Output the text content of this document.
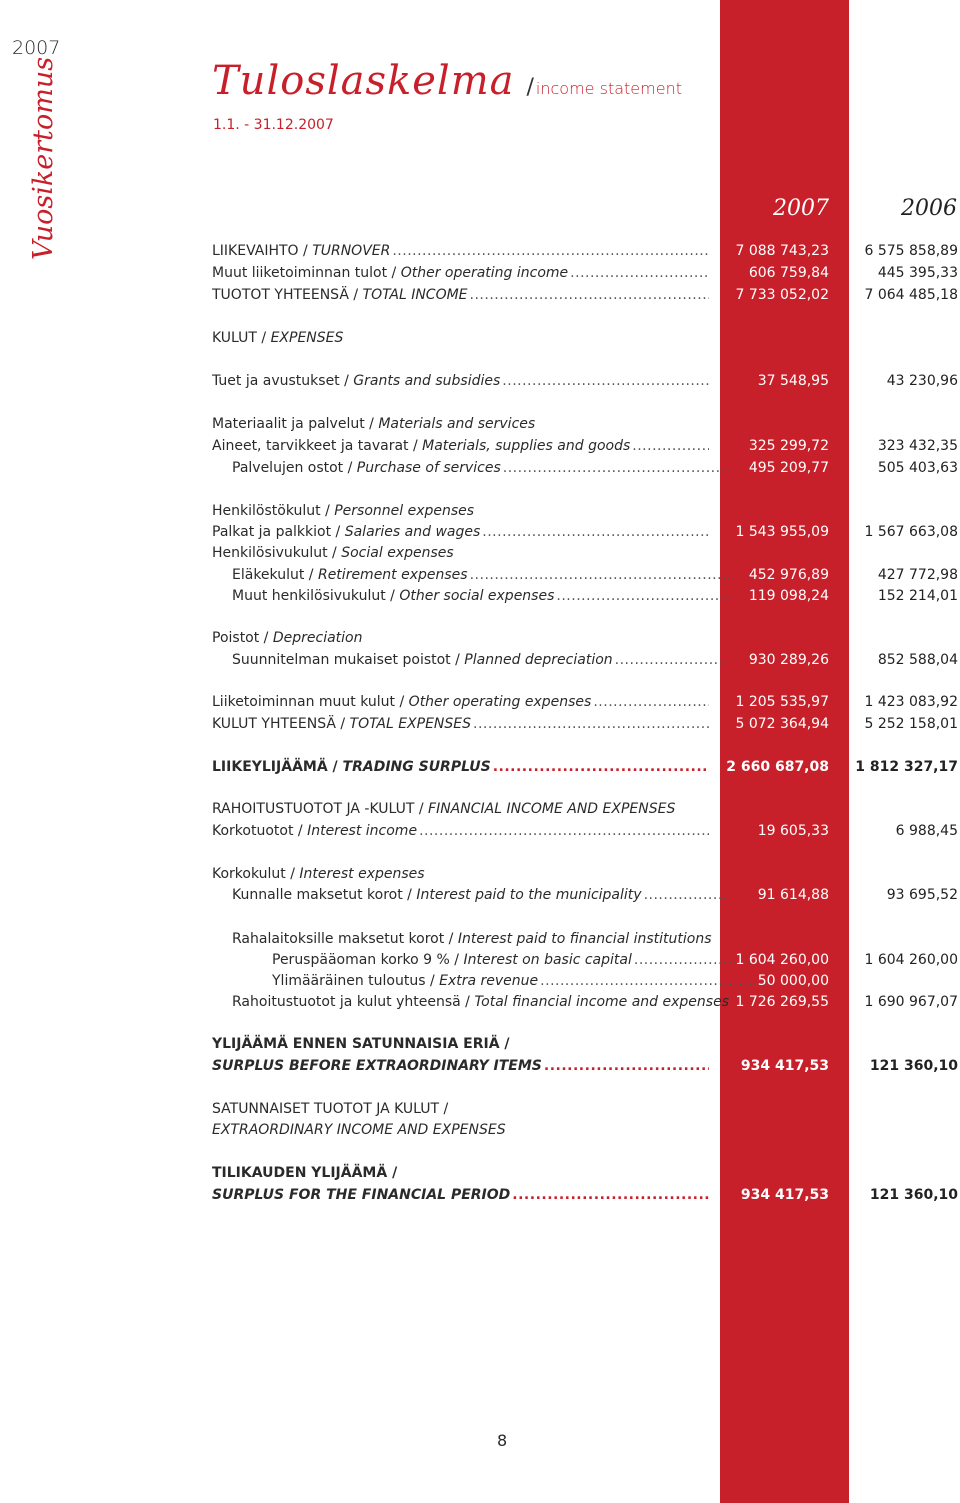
2007
Vuosikertomus	Tuloslaskelma / income statement
1.1. - 31.12.2007
2007	2006
LIIKEVAIHTO / TURNOVER .....	7 088 743,23	6 575 858,89
Muut liiketoiminnan tulot / Other operating income .....	606 759,84	445 395,33
TUOTOT YHTEENSÄ / TOTAL INCOME .....	7 733 052,02	7 064 485,18
KULUT / EXPENSES
Tuet ja avustukset / Grants and subsidies .....	37 548,95	43 230,96
Materiaalit ja palvelut / Materials and services
Aineet, tarvikkeet ja tavarat / Materials, supplies and goods .....	325 299,72	323 432,35
Palvelujen ostot / Purchase of services .....	495 209,77	505 403,63
Henkilöstökulut / Personnel expenses
Palkat ja palkkiot / Salaries and wages .....	1 543 955,09	1 567 663,08
Henkilösivukulut / Social expenses
Eläkekulut / Retirement expenses .....	452 976,89	427 772,98
Muut henkilösivukulut / Other social expenses .....	119 098,24	152 214,01
Poistot / Depreciation
Suunnitelman mukaiset poistot / Planned depreciation .....	930 289,26	852 588,04
Liiketoiminnan muut kulut / Other operating expenses .....	1 205 535,97	1 423 083,92
KULUT YHTEENSÄ / TOTAL EXPENSES .....	5 072 364,94	5 252 158,01
LIIKEYLIJÄÄMÄ / TRADING SURPLUS .....	2 660 687,08	1 812 327,17
RAHOITUSTUOTOT JA -KULUT / FINANCIAL INCOME AND EXPENSES
Korkotuotot / Interest income .....	19 605,33	6 988,45
Korkokulut / Interest expenses
Kunnalle maksetut korot / Interest paid to the municipality .....	91 614,88	93 695,52
Rahalaitoksille maksetut korot / Interest paid to financial institutions
Peruspääoman korko 9 % / Interest on basic capital .....	1 604 260,00	1 604 260,00
Ylimääräinen tuloutus / Extra revenue .....	50 000,00
Rahoitustuotot ja kulut yhteensä / Total financial income and expenses 1 726 269,55	1 690 967,07
YLIJÄÄMÄ ENNEN SATUNNAISIA ERIÄ /
SURPLUS BEFORE EXTRAORDINARY ITEMS .....	934 417,53	121 360,10
SATUNNAISET TUOTOT JA KULUT /
EXTRAORDINARY INCOME AND EXPENSES
TILIKAUDEN YLIJÄÄMÄ /
SURPLUS FOR THE FINANCIAL PERIOD .....	934 417,53	121 360,10
8
